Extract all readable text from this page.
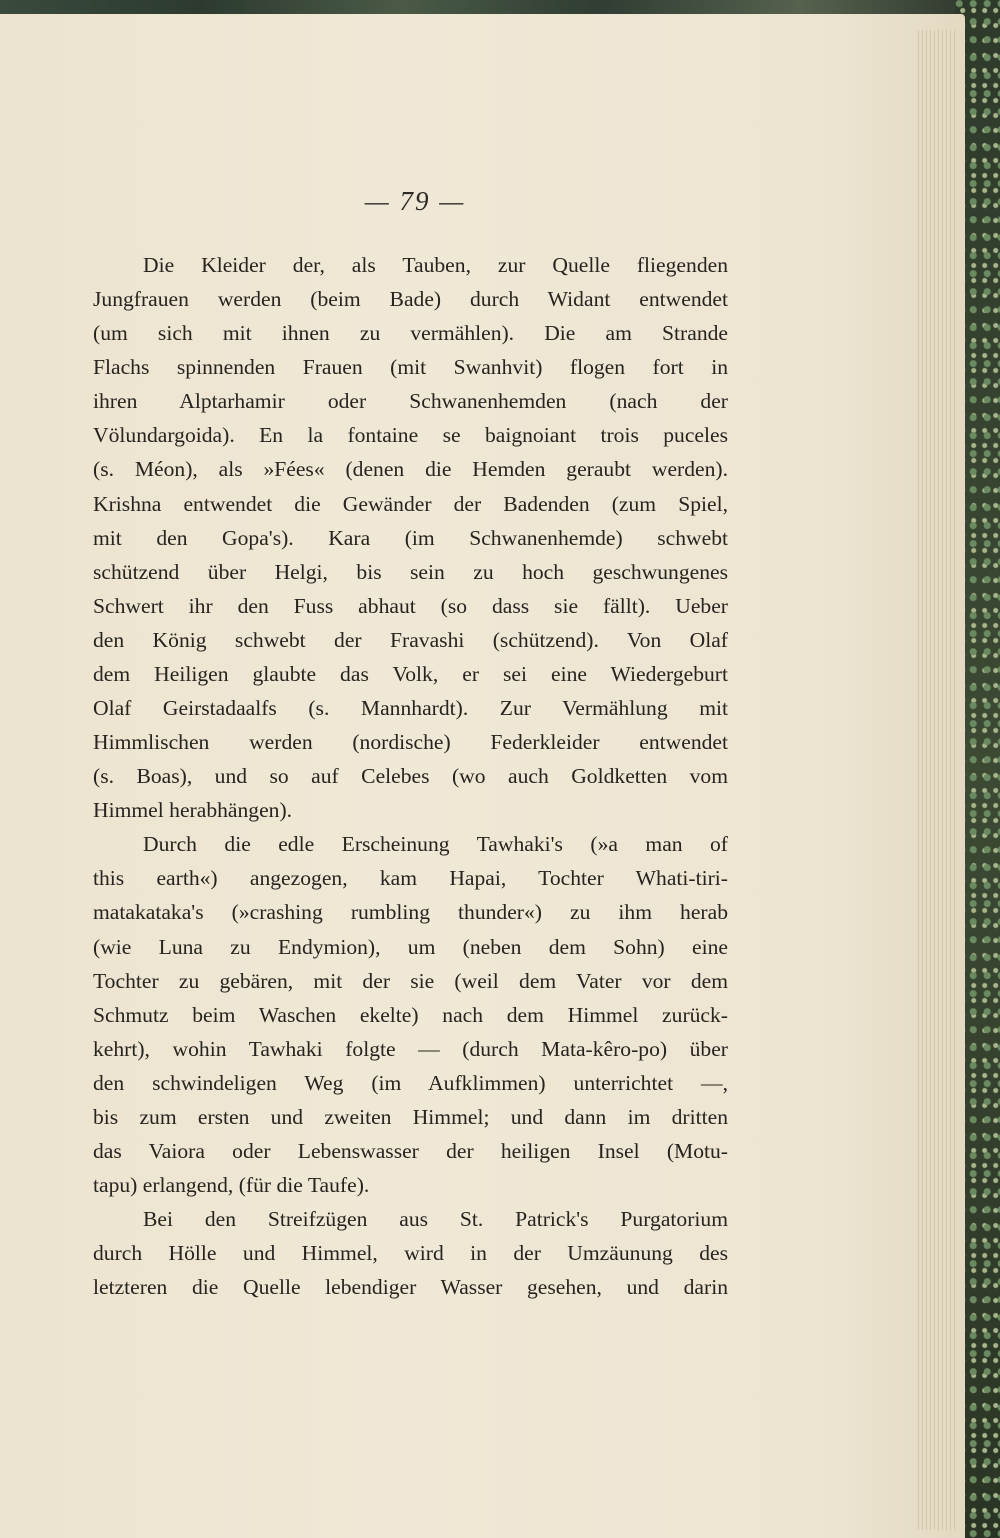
— 79 —
Die Kleider der, als Tauben, zur Quelle fliegenden
Jungfrauen werden (beim Bade) durch Widant entwendet
(um sich mit ihnen zu vermählen). Die am Strande
Flachs spinnenden Frauen (mit Swanhvit) flogen fort in
ihren Alptarhamir oder Schwanenhemden (nach der
Völundargoida). En la fontaine se baignoiant trois puceles
(s. Méon), als »Fées« (denen die Hemden geraubt werden).
Krishna entwendet die Gewänder der Badenden (zum Spiel,
mit den Gopa's). Kara (im Schwanenhemde) schwebt
schützend über Helgi, bis sein zu hoch geschwungenes
Schwert ihr den Fuss abhaut (so dass sie fällt). Ueber
den König schwebt der Fravashi (schützend). Von Olaf
dem Heiligen glaubte das Volk, er sei eine Wiedergeburt
Olaf Geirstadaalfs (s. Mannhardt). Zur Vermählung mit
Himmlischen werden (nordische) Federkleider entwendet
(s. Boas), und so auf Celebes (wo auch Goldketten vom
Himmel herabhängen).
Durch die edle Erscheinung Tawhaki's (»a man of
this earth«) angezogen, kam Hapai, Tochter Whati-tiri-
matakataka's (»crashing rumbling thunder«) zu ihm herab
(wie Luna zu Endymion), um (neben dem Sohn) eine
Tochter zu gebären, mit der sie (weil dem Vater vor dem
Schmutz beim Waschen ekelte) nach dem Himmel zurück-
kehrt), wohin Tawhaki folgte — (durch Mata-kêro-po) über
den schwindeligen Weg (im Aufklimmen) unterrichtet —,
bis zum ersten und zweiten Himmel; und dann im dritten
das Vaiora oder Lebenswasser der heiligen Insel (Motu-
tapu) erlangend, (für die Taufe).
Bei den Streifzügen aus St. Patrick's Purgatorium
durch Hölle und Himmel, wird in der Umzäunung des
letzteren die Quelle lebendiger Wasser gesehen, und darin
